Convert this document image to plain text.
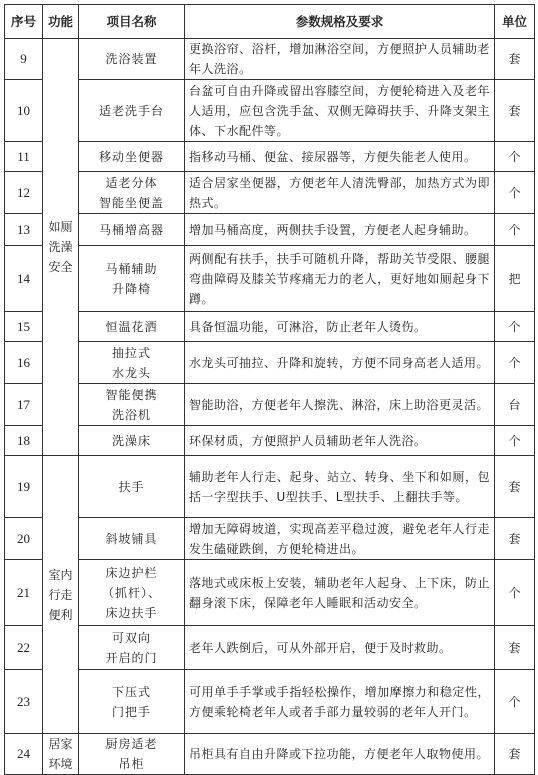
序号	功能	项目名称	参数规格及要求	单位
9	如厕
洗澡
安全	洗浴装置	更换浴帘、浴杆，增加淋浴空间，方便照护人员辅助老年人洗浴。	套
10		适老洗手台	台盆可自由升降或留出容膝空间，方便轮椅进入及老年人适用，应包含洗手盆、双侧无障碍扶手、升降支架主体、下水配件等。	套
11		移动坐便器	指移动马桶、便盆、接尿器等，方便失能老人使用。	个
12		适老分体
智能坐便盖	适合居家坐便器，方便老年人清洗臀部，加热方式为即热式。	个
13		马桶增高器	增加马桶高度，两侧扶手设置，方便老人起身辅助。	个
14		马桶辅助
升降椅	两侧配有扶手，扶手可随机升降，帮助关节受限、腰腿弯曲障碍及膝关节疼痛无力的老人，更好地如厕起身下蹲。	把
15		恒温花洒	具备恒温功能，可淋浴，防止老年人烫伤。	个
16		抽拉式
水龙头	水龙头可抽拉、升降和旋转，方便不同身高老人适用。	个
17		智能便携
洗浴机	智能助浴，方便老年人擦洗、淋浴，床上助浴更灵活。	台
18		洗澡床	环保材质，方便照护人员辅助老年人洗浴。	个
19	室内
行走
便利	扶手	辅助老年人行走、起身、站立、转身、坐下和如厕，包括一字型扶手、U型扶手、L型扶手、上翻扶手等。	套
20		斜坡铺具	增加无障碍坡道，实现高差平稳过渡，避免老年人行走发生磕碰跌倒，方便轮椅进出。	套
21		床边护栏
（抓杆）、
床边扶手	落地式或床板上安装，辅助老年人起身、上下床，防止翻身滚下床，保障老年人睡眠和活动安全。	个
22		可双向
开启的门	老年人跌倒后，可从外部开启，便于及时救助。	套
23		下压式
门把手	可用单手手掌或手指轻松操作，增加摩擦力和稳定性，方便乘轮椅老年人或者手部力量较弱的老年人开门。	个
24	居家
环境	厨房适老
吊柜	吊柜具有自由升降或下拉功能，方便老年人取物使用。	套
